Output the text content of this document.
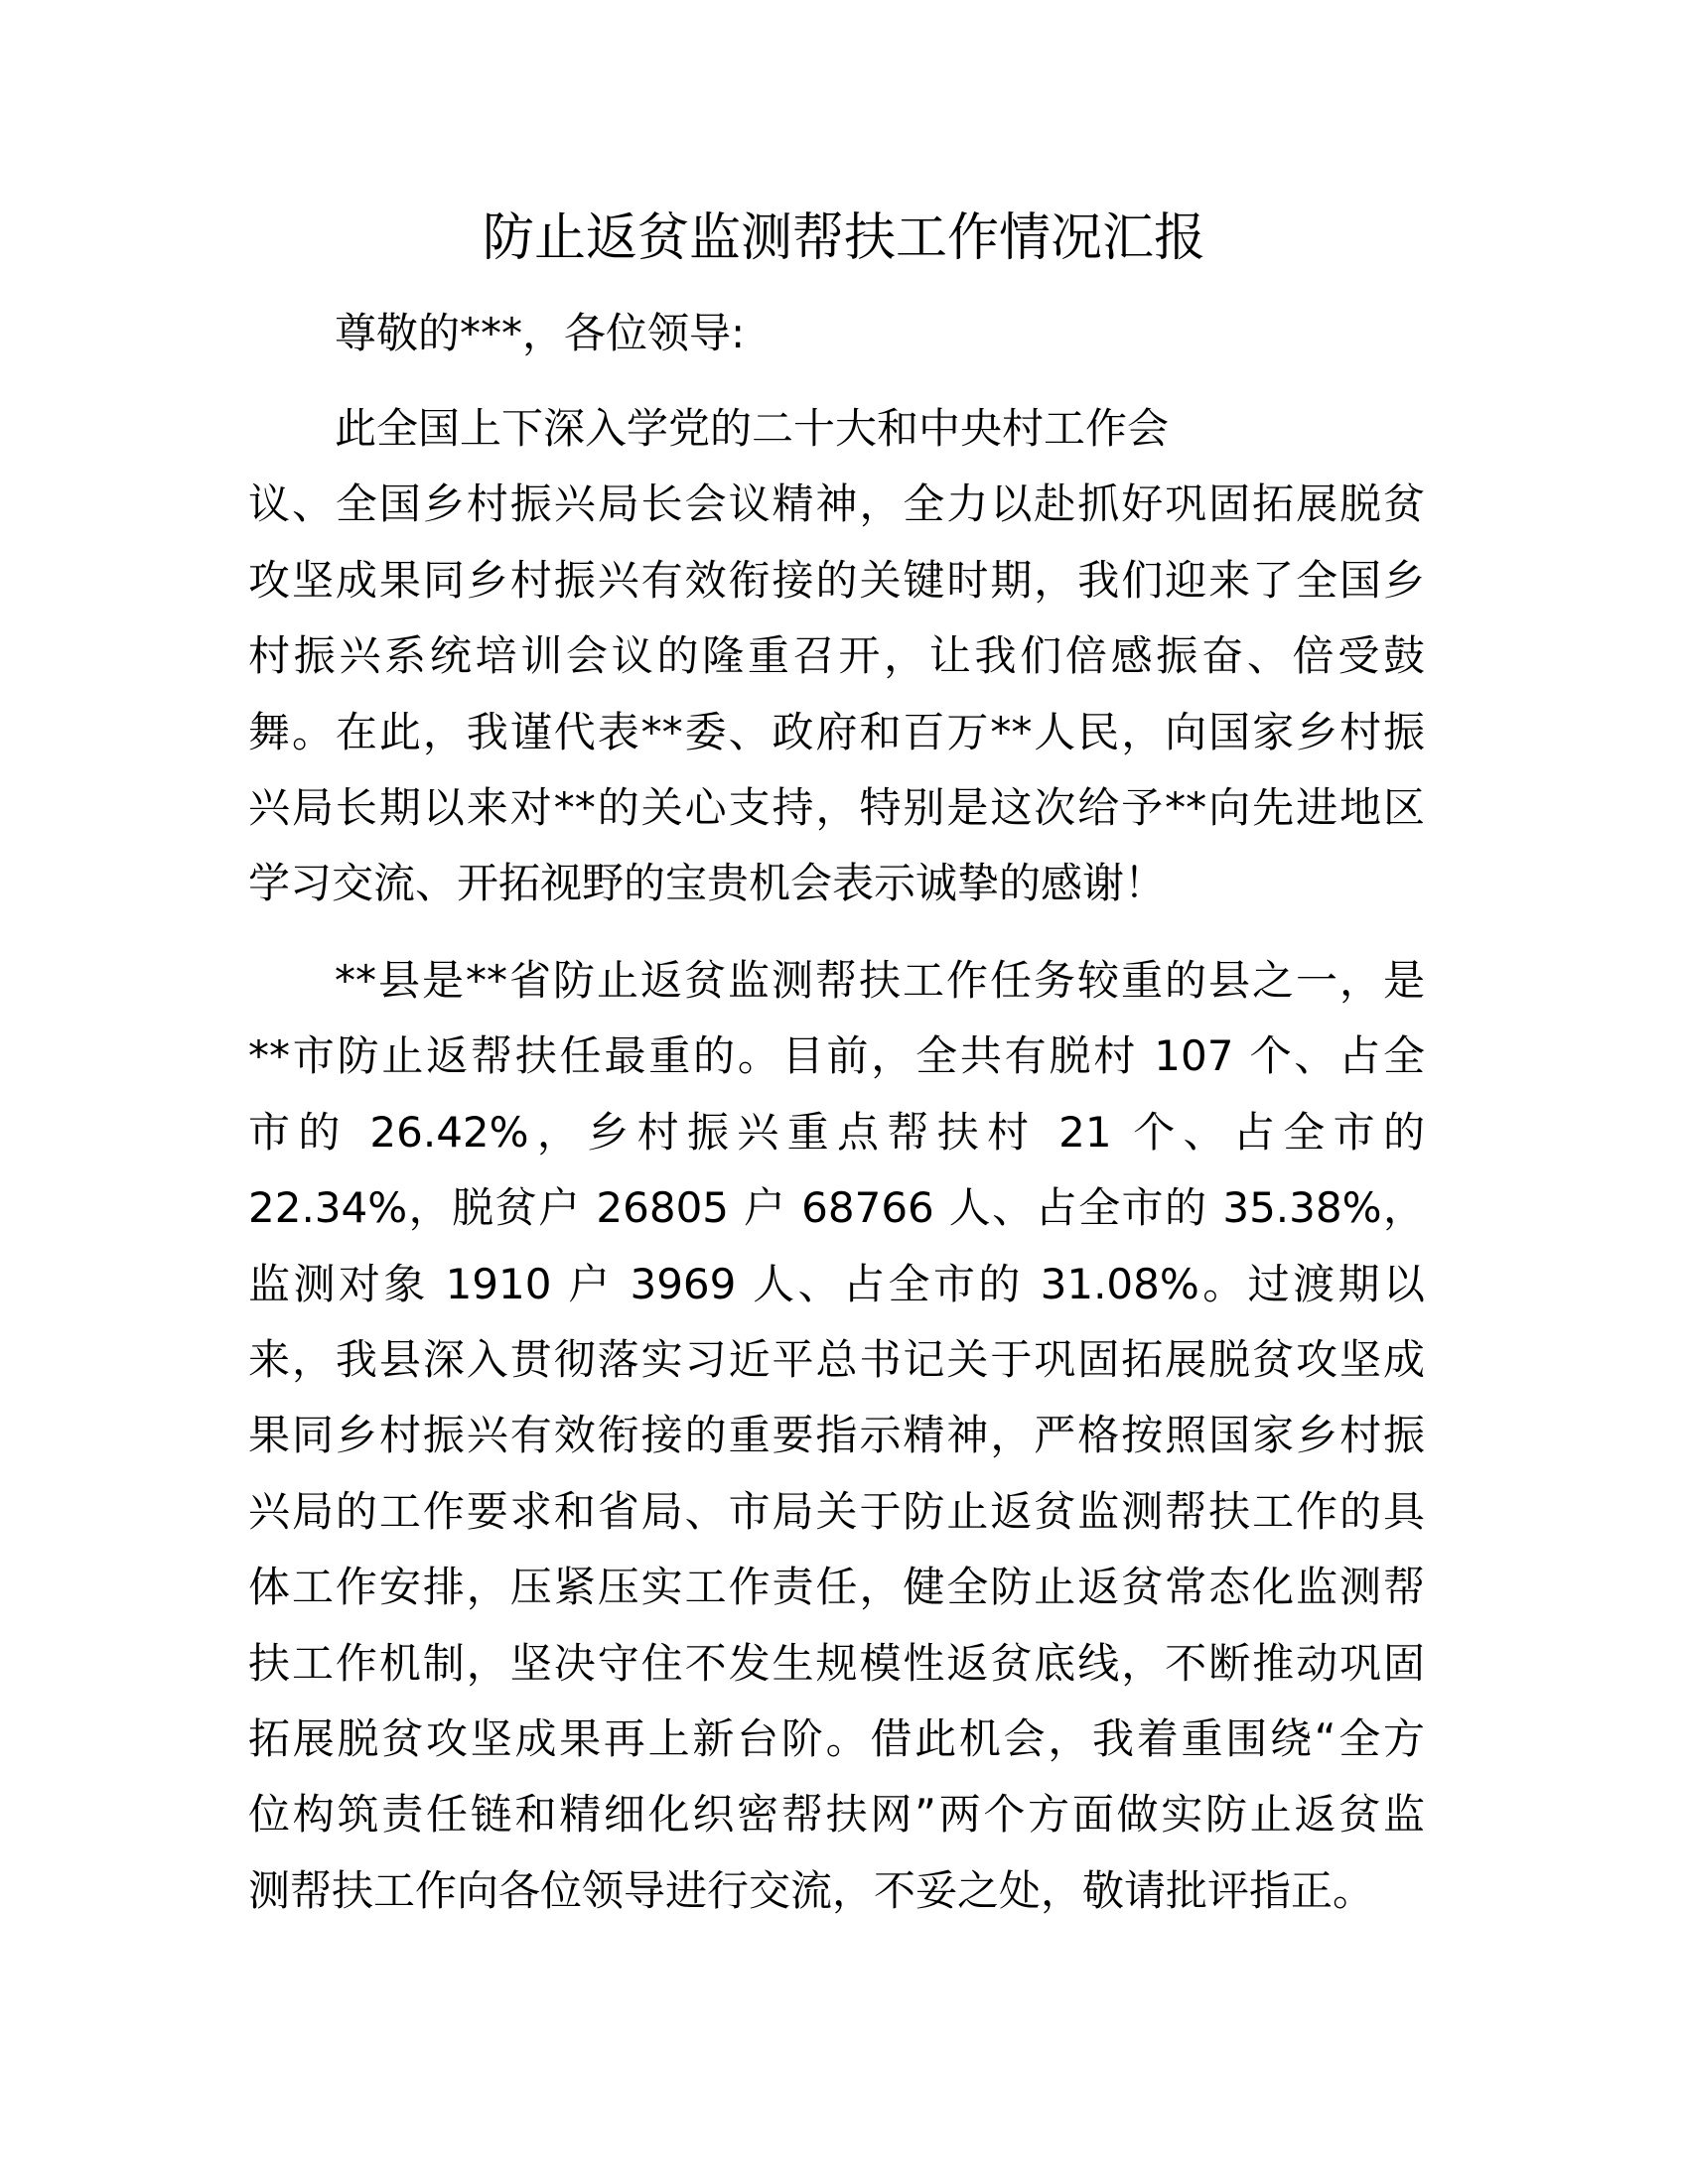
防止返贫监测帮扶工作情况汇报
尊敬的***，各位领导:
此全国上下深入学党的二十大和中央村工作会
议、全国乡村振兴局长会议精神，全力以赴抓好巩固拓展脱贫
攻坚成果同乡村振兴有效衔接的关键时期，我们迎来了全国乡
村振兴系统培训会议的隆重召开，让我们倍感振奋、倍受鼓
舞。在此，我谨代表**委、政府和百万**人民，向国家乡村振
兴局长期以来对**的关心支持，特别是这次给予**向先进地区
学习交流、开拓视野的宝贵机会表示诚挚的感谢！
**县是**省防止返贫监测帮扶工作任务较重的县之一，是
**市防止返帮扶任最重的。目前，全共有脱村 107 个、占全
市的 26.42%，乡村振兴重点帮扶村 21 个、占全市的
22.34%，脱贫户 26805 户 68766 人、占全市的 35.38%，
监测对象 1910 户 3969 人、占全市的 31.08%。过渡期以
来，我县深入贯彻落实习近平总书记关于巩固拓展脱贫攻坚成
果同乡村振兴有效衔接的重要指示精神，严格按照国家乡村振
兴局的工作要求和省局、市局关于防止返贫监测帮扶工作的具
体工作安排，压紧压实工作责任，健全防止返贫常态化监测帮
扶工作机制，坚决守住不发生规模性返贫底线，不断推动巩固
拓展脱贫攻坚成果再上新台阶。借此机会，我着重围绕“全方
位构筑责任链和精细化织密帮扶网”两个方面做实防止返贫监
测帮扶工作向各位领导进行交流，不妥之处，敬请批评指正。
